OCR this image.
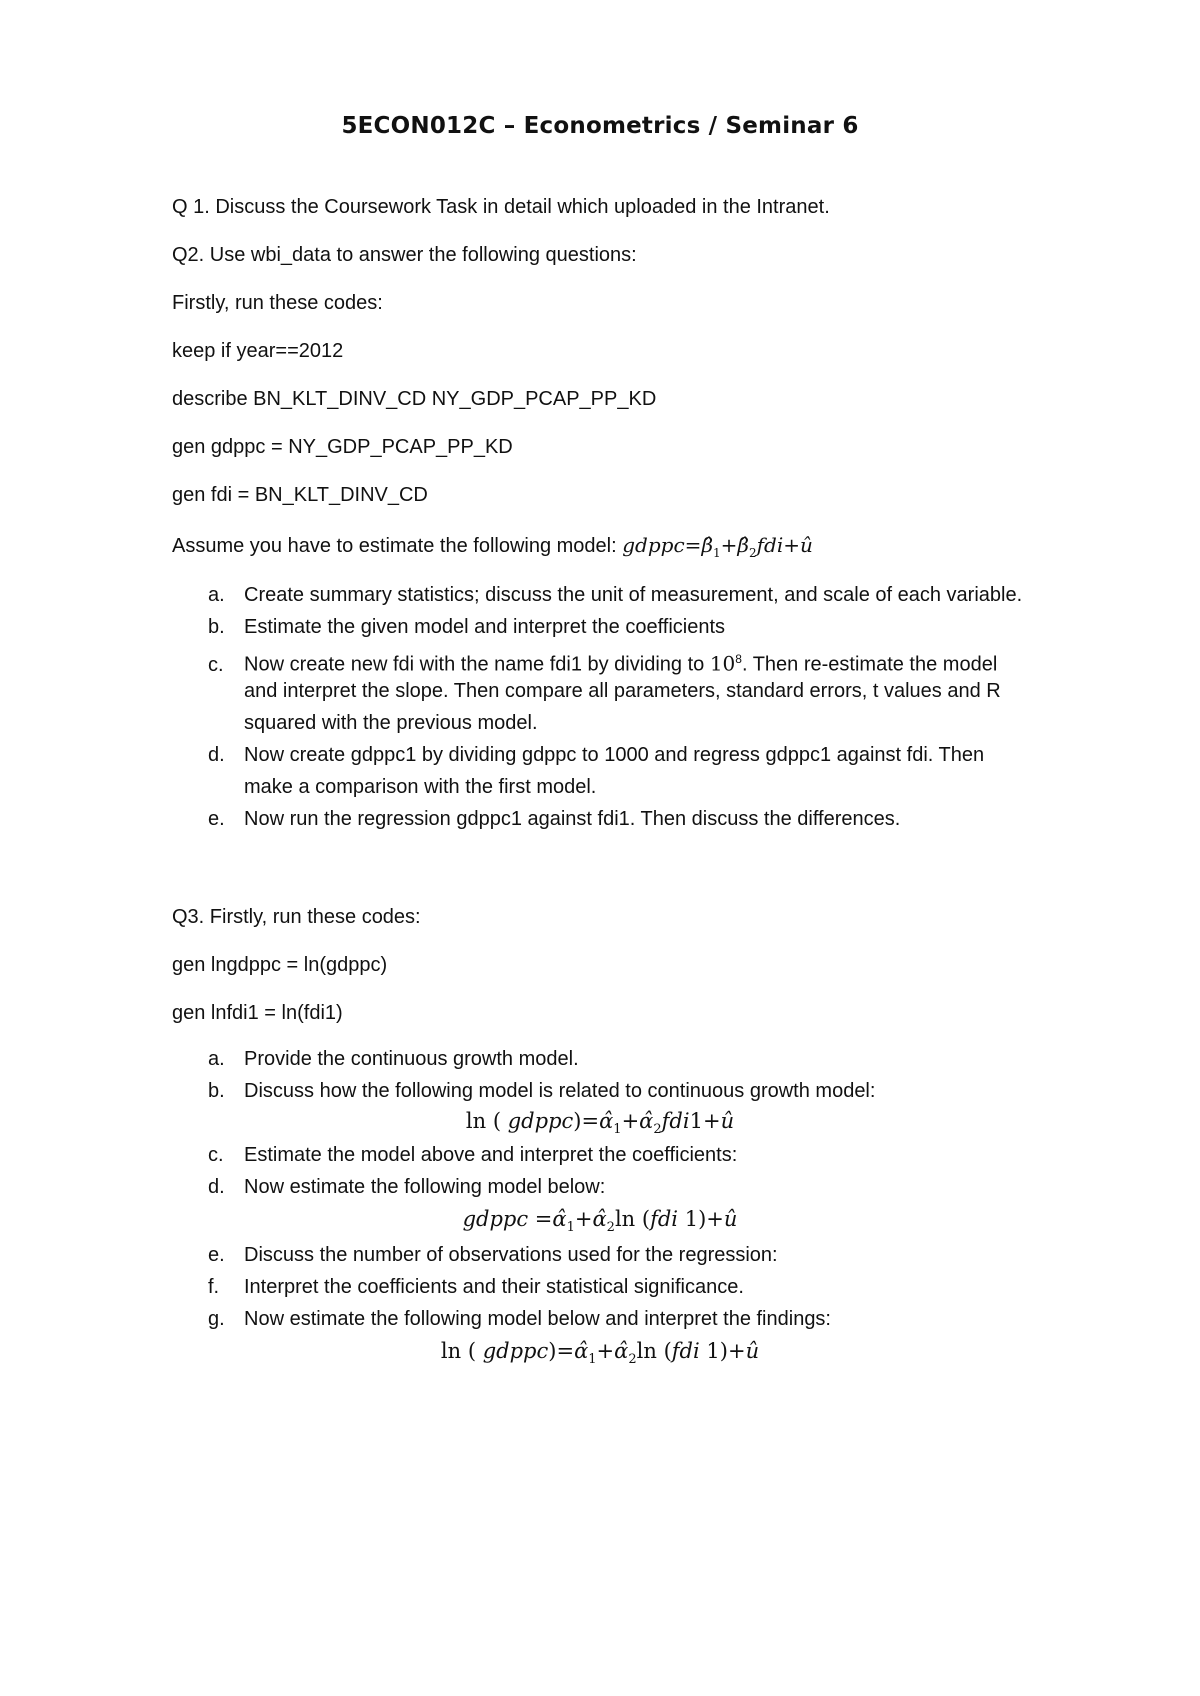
5ECON012C – Econometrics / Seminar 6
Q 1. Discuss the Coursework Task in detail which uploaded in the Intranet.
Q2. Use wbi_data to answer the following questions:
Firstly, run these codes:
keep if year==2012
describe BN_KLT_DINV_CD NY_GDP_PCAP_PP_KD
gen gdppc = NY_GDP_PCAP_PP_KD
gen fdi = BN_KLT_DINV_CD
Assume you have to estimate the following model: $gdppc=\betâ_1+\betâ_2fdi+û$
a. Create summary statistics; discuss the unit of measurement, and scale of each variable.
b. Estimate the given model and interpret the coefficients
c. Now create new fdi with the name fdi1 by dividing to $10^8$. Then re-estimate the model
and interpret the slope. Then compare all parameters, standard errors, t values and R
squared with the previous model.
d. Now create gdppc1 by dividing gdppc to 1000 and regress gdppc1 against fdi. Then
make a comparison with the first model.
e. Now run the regression gdppc1 against fdi1. Then discuss the differences.
Q3. Firstly, run these codes:
gen lngdppc = ln(gdppc)
gen lnfdi1 = ln(fdi1)
a. Provide the continuous growth model.
b. Discuss how the following model is related to continuous growth model:
ln ( $gdppc)=\alphâ_1+\alphâ_2fdi1+û$
c. Estimate the model above and interpret the coefficients:
d. Now estimate the following model below:
gdppc $=\alphâ_1+\alphâ_2\ln$ (fdi 1)+û
e. Discuss the number of observations used for the regression:
f. Interpret the coefficients and their statistical significance.
g. Now estimate the following model below and interpret the findings:
ln ( $gdppc)=\alphâ_1+\alphâ_2\ln$ (fdi 1)+û
